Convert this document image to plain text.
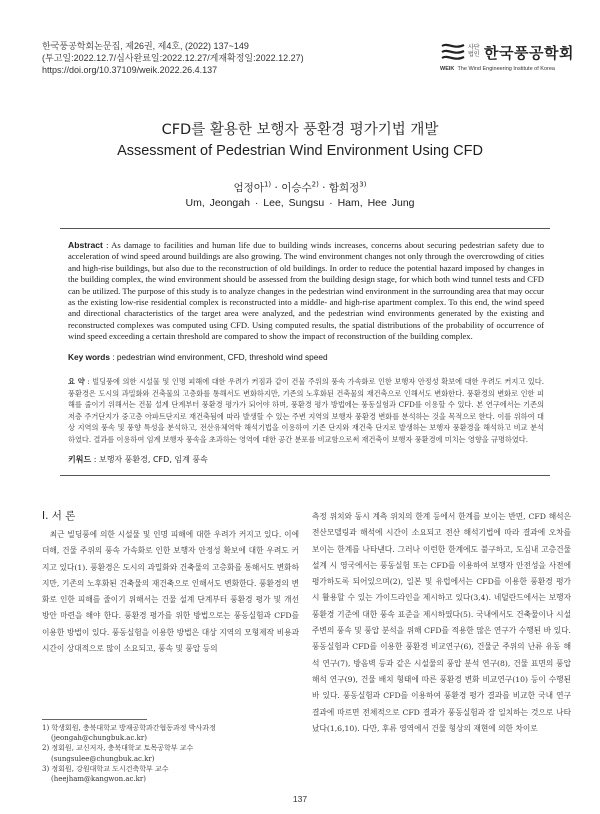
한국풍공학회논문집, 제26권, 제4호, (2022) 137~149
(투고일:2022.12.7/심사완료일:2022.12.27/게재확정일:2022.12.27)
https://doi.org/10.37109/weik.2022.26.4.137
사단
법인 한국풍공학회
WEIK The Wind Engineering Institute of Korea
CFD를 활용한 보행자 풍환경 평가기법 개발
Assessment of Pedestrian Wind Environment Using CFD
엄정아$^{1)}$ · 이승수$^{2)}$ · 함희정$^{3)}$
Um, Jeongah · Lee, Sungsu · Ham, Hee Jung
Abstract : As damage to facilities and human life due to building winds increases, concerns about securing pedestrian safety due to acceleration of wind speed around buildings are also growing. The wind environment changes not only through the overcrowding of cities and high-rise buildings, but also due to the reconstruction of old buildings. In order to reduce the potential hazard imposed by changes in the building complex, the wind environment should be assessed from the building design stage, for which both wind tunnel tests and CFD can be utilized. The purpose of this study is to analyze changes in the pedestrian wind environment in the surrounding area that may occur as the existing low-rise residential complex is reconstructed into a middle- and high-rise apartment complex. To this end, the wind speed and directional characteristics of the target area were analyzed, and the pedestrian wind environments generated by the existing and reconstructed complexes was computed using CFD. Using computed results, the spatial distributions of the probability of occurrence of wind speed exceeding a certain threshold are compared to show the impact of reconstruction of the building complex.
Key words : pedestrian wind environment, CFD, threshold wind speed
요 약 : 빌딩풍에 의한 시설물 및 인명 피해에 대한 우려가 커짐과 같이 건물 주위의 풍속 가속화로 인한 보행자 안정성 확보에 대한 우려도 커지고 있다. 풍환경은 도시의 과밀화와 건축물의 고층화를 통해서도 변화하지만, 기존의 노후화된 건축물의 재건축으로 인해서도 변화한다. 풍환경의 변화로 인한 피해를 줄이기 위해서는 건물 설계 단계부터 풍환경 평가가 되어야 하며, 풍환경 평가 방법에는 풍동실험과 CFD를 이용할 수 있다. 본 연구에서는 기존의 저층 주거단지가 중고층 아파트단지로 재건축됨에 따라 발생할 수 있는 주변 지역의 보행자 풍환경 변화를 분석하는 것을 목적으로 한다. 이를 위하여 대상 지역의 풍속 및 풍향 특성을 분석하고, 전산유체역학 해석기법을 이용하여 기존 단지와 재건축 단지로 발생하는 보행자 풍환경을 해석하고 비교 분석하였다. 결과를 이용하여 임계 보행자 풍속을 초과하는 영역에 대한 공간 분포를 비교함으로써 재건축이 보행자 풍환경에 미치는 영향을 규명하였다.
키워드 : 보행자 풍환경, CFD, 임계 풍속
I. 서 론

최근 빌딩풍에 의한 시설물 및 인명 피해에 대한 우려가 커지고 있다. 이에 더해, 건물 주위의 풍속 가속화로 인한 보행자 안정성 확보에 대한 우려도 커지고 있다(1). 풍환경은 도시의 과밀화와 건축물의 고층화를 통해서도 변화하지만, 기존의 노후화된 건축물의 재건축으로 인해서도 변화한다. 풍환경의 변화로 인한 피해를 줄이기 위해서는 건물 설계 단계부터 풍환경 평가 및 개선방안 마련을 해야 한다. 풍환경 평가를 위한 방법으로는 풍동실험과 CFD를 이용한 방법이 있다. 풍동실험을 이용한 방법은 대상 지역의 모형제작 비용과 시간이 상대적으로 많이 소요되고, 풍속 및 풍압 등의

측정 위치와 동시 계측 위치의 한계 등에서 한계를 보이는 반면, CFD 해석은 전산모델링과 해석에 시간이 소요되고 전산 해석기법에 따라 결과에 오차를 보이는 한계를 나타낸다. 그러나 이런한 한계에도 불구하고, 도심내 고층건물 설계 시 영국에서는 풍동실험 또는 CFD를 이용하여 보행자 안전성을 사전에 평가하도록 되어있으며(2), 일본 및 유럽에서는 CFD를 이용한 풍환경 평가 시 활용할 수 있는 가이드라인을 제시하고 있다(3,4). 네덜란드에서는 보행자 풍환경 기준에 대한 풍속 표준을 제시하였다(5). 국내에서도 건축물이나 시설 주변의 풍속 및 풍압 분석을 위해 CFD를 적용한 많은 연구가 수행된 바 있다. 풍동실험과 CFD를 이용한 풍환경 비교연구(6), 건물군 주위의 난류 유동 해석 연구(7), 방음벽 등과 같은 시설물의 풍압 분석 연구(8), 건물 표면의 풍압 해석 연구(9), 건물 배치 형태에 따른 풍환경 변화 비교연구(10) 등이 수행된 바 있다. 풍동실험과 CFD를 이용하여 풍환경 평가 결과를 비교한 국내 연구 결과에 따르면 전체적으로 CFD 결과가 풍동실험과 잘 일치하는 것으로 나타났다(1,6,10). 다만, 후류 영역에서 건물 형상의 재현에 의한 차이로

1) 학생회원, 충북대학교 방재공학과간협동과정 박사과정
(jeongah@chungbuk.ac.kr)
2) 정회원, 교신저자, 충북대학교 토목공학부 교수
(sungsulee@chungbuk.ac.kr)
3) 정회원, 강원대학교 도시건축학부 교수
(heejham@kangwon.ac.kr)
137
